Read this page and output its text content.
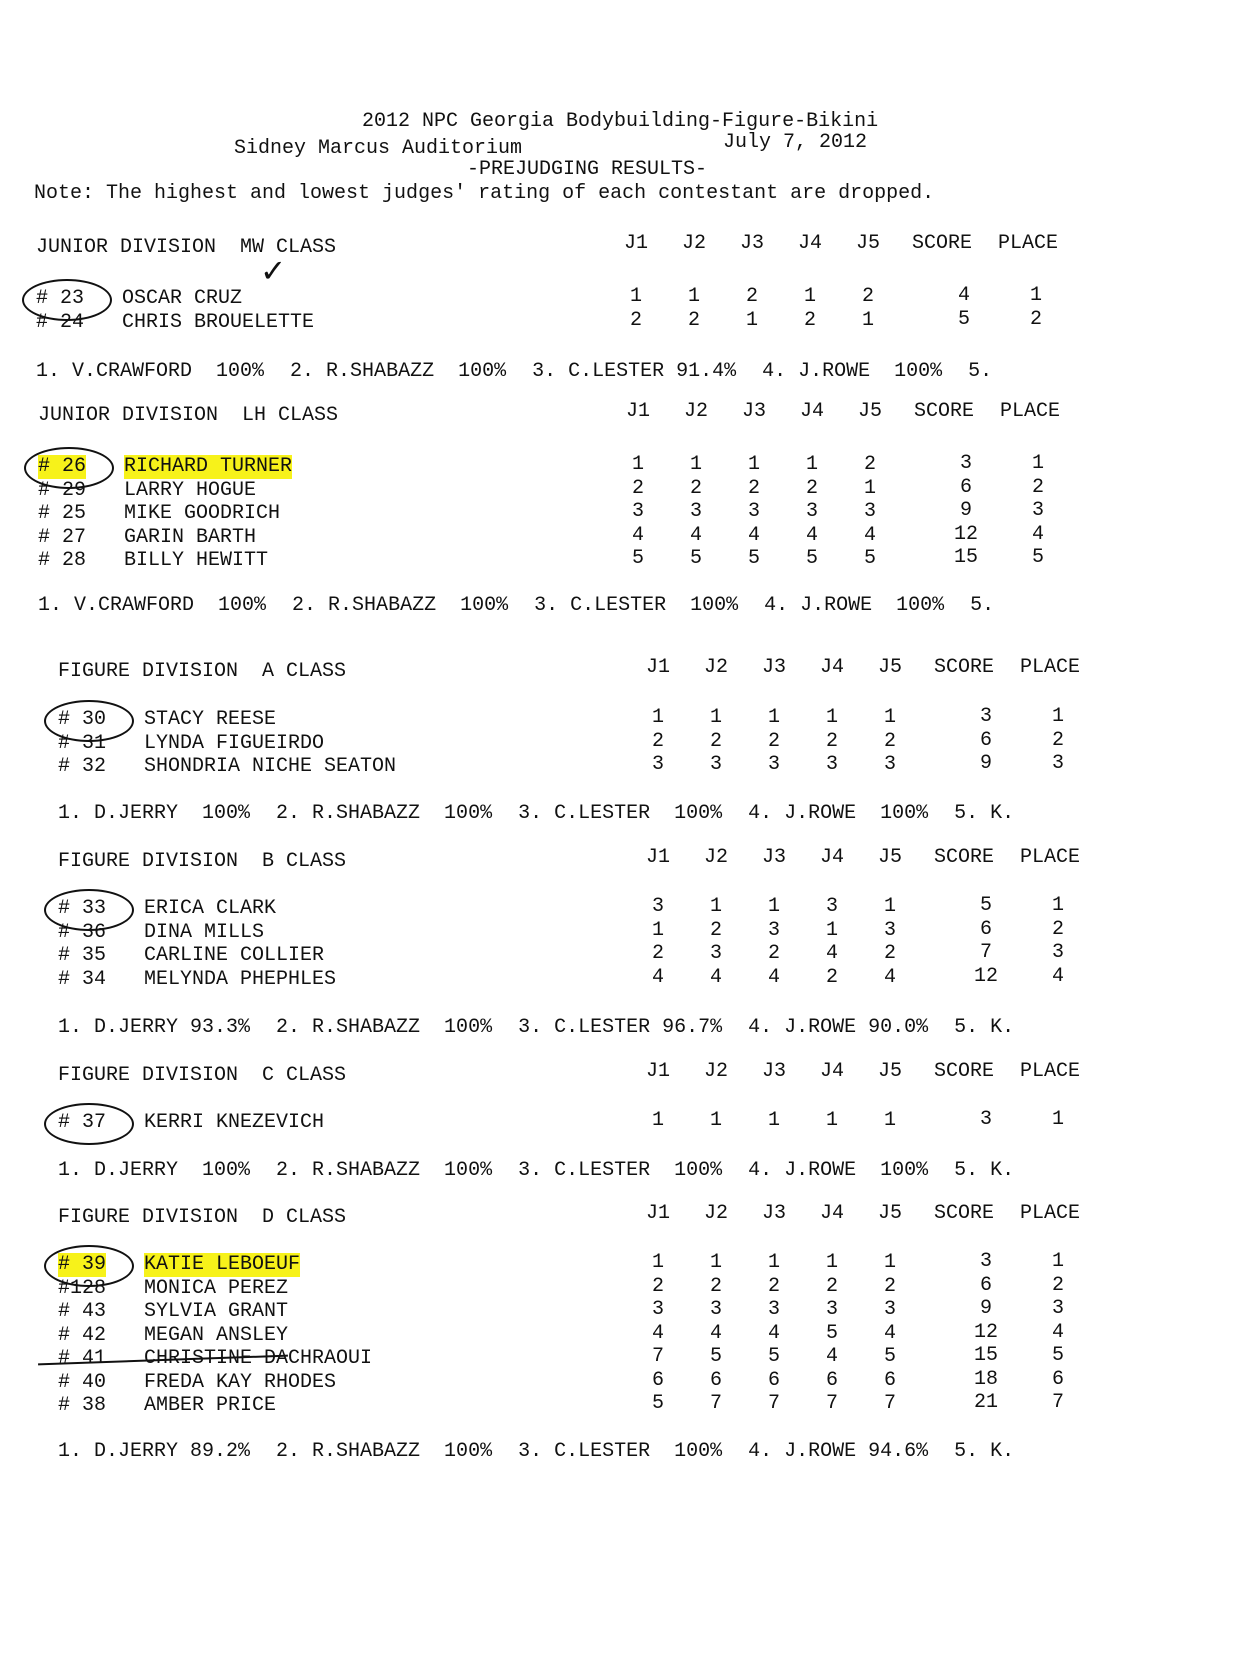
2012 NPC Georgia Bodybuilding-Figure-Bikini
July 7, 2012
Sidney Marcus Auditorium
-PREJUDGING RESULTS-
Note: The highest and lowest judges' rating of each contestant are dropped.
JUNIOR DIVISION  MW CLASS	J1 J2 J3 J4 J5 SCORE PLACE
# 23 OSCAR CRUZ	1 1 2 1 2	4	1
✓
# 24 CHRIS BROUELETTE	2 2 1 2 1	5	2
1. V.CRAWFORD  100% 2. R.SHABAZZ  100% 3. C.LESTER 91.4% 4. J.ROWE  100% 5.
JUNIOR DIVISION  LH CLASS	J1 J2 J3 J4 J5 SCORE PLACE
# 26 RICHARD TURNER	1 1 1 1 2	3	1
# 29 LARRY HOGUE	2 2 2 2 1	6	2
# 25 MIKE GOODRICH	3 3 3 3 3	9	3
# 27 GARIN BARTH	4 4 4 4 4	12	4
# 28 BILLY HEWITT	5 5 5 5 5	15	5
1. V.CRAWFORD  100% 2. R.SHABAZZ  100% 3. C.LESTER  100% 4. J.ROWE  100% 5.
FIGURE DIVISION  A CLASS	J1 J2 J3 J4 J5 SCORE PLACE
# 30 STACY REESE	1 1 1 1 1	3	1
# 31 LYNDA FIGUEIRDO	2 2 2 2 2	6	2
# 32 SHONDRIA NICHE SEATON	3 3 3 3 3	9	3
1. D.JERRY  100% 2. R.SHABAZZ  100% 3. C.LESTER  100% 4. J.ROWE  100% 5. K.
FIGURE DIVISION  B CLASS	J1 J2 J3 J4 J5 SCORE PLACE
# 33 ERICA CLARK	3 1 1 3 1	5	1
# 36 DINA MILLS	1 2 3 1 3	6	2
# 35 CARLINE COLLIER	2 3 2 4 2	7	3
# 34 MELYNDA PHEPHLES	4 4 4 2 4	12	4
1. D.JERRY 93.3% 2. R.SHABAZZ  100% 3. C.LESTER 96.7% 4. J.ROWE 90.0% 5. K.
FIGURE DIVISION  C CLASS	J1 J2 J3 J4 J5 SCORE PLACE
# 37 KERRI KNEZEVICH	1 1 1 1 1	3	1
1. D.JERRY  100% 2. R.SHABAZZ  100% 3. C.LESTER  100% 4. J.ROWE  100% 5. K.
FIGURE DIVISION  D CLASS	J1 J2 J3 J4 J5 SCORE PLACE
# 39 KATIE LEBOEUF	1 1 1 1 1	3	1
#128 MONICA PEREZ	2 2 2 2 2	6	2
# 43 SYLVIA GRANT	3 3 3 3 3	9	3
# 42 MEGAN ANSLEY	4 4 4 5 4	12	4
# 41 CHRISTINE DACHRAOUI	7 5 5 4 5	15	5
# 40 FREDA KAY RHODES	6 6 6 6 6	18	6
# 38 AMBER PRICE	5 7 7 7 7	21	7
1. D.JERRY 89.2% 2. R.SHABAZZ  100% 3. C.LESTER  100% 4. J.ROWE 94.6% 5. K.
